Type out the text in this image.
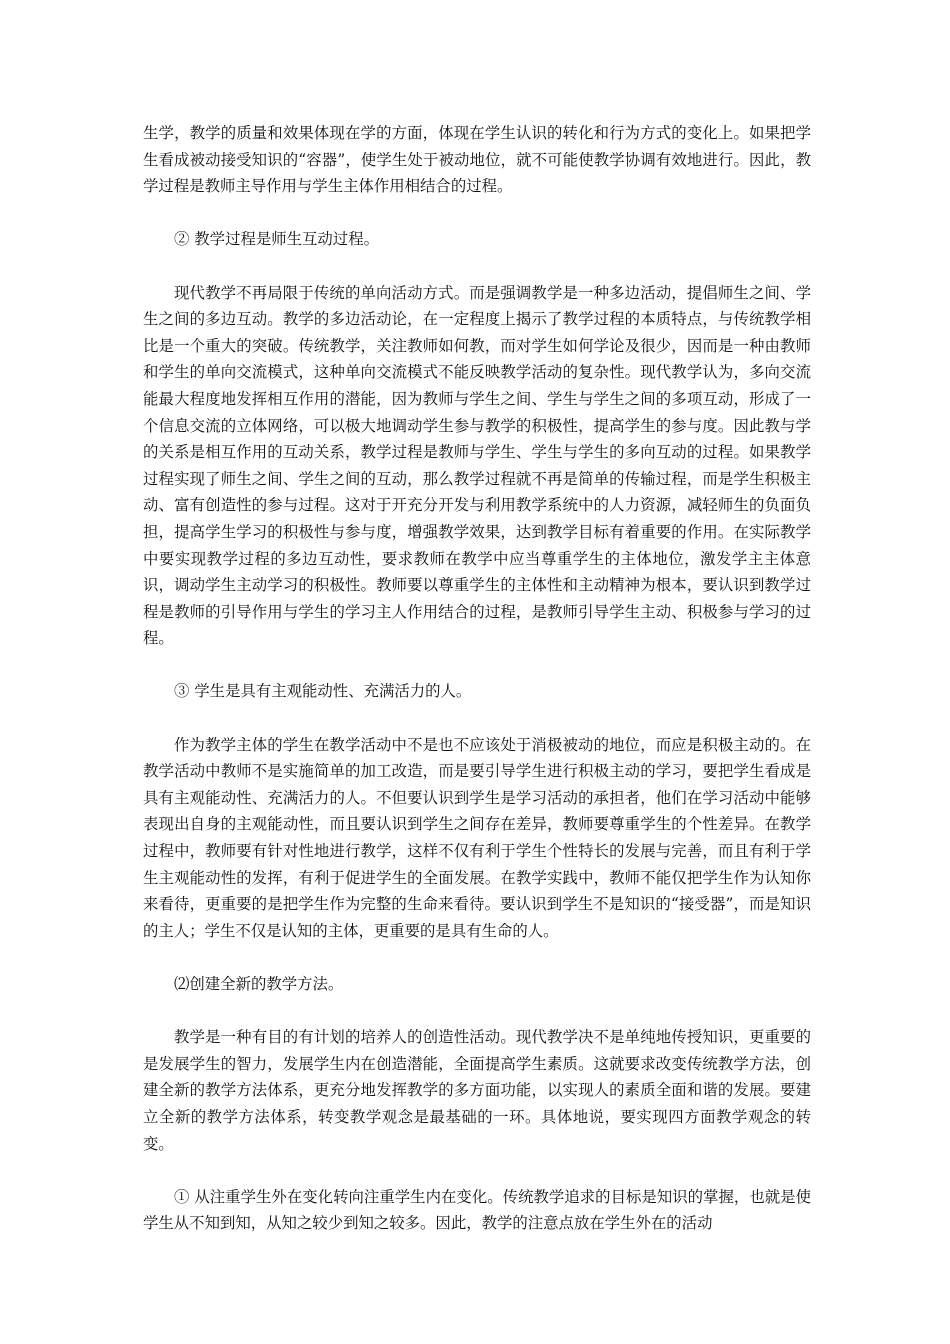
生学，教学的质量和效果体现在学的方面，体现在学生认识的转化和行为方式的变化上。如果把学生看成被动接受知识的“容器”，使学生处于被动地位，就不可能使教学协调有效地进行。因此，教学过程是教师主导作用与学生主体作用相结合的过程。

② 教学过程是师生互动过程。

现代教学不再局限于传统的单向活动方式。而是强调教学是一种多边活动，提倡师生之间、学生之间的多边互动。教学的多边活动论，在一定程度上揭示了教学过程的本质特点，与传统教学相比是一个重大的突破。传统教学，关注教师如何教，而对学生如何学论及很少，因而是一种由教师和学生的单向交流模式，这种单向交流模式不能反映教学活动的复杂性。现代教学认为，多向交流能最大程度地发挥相互作用的潜能，因为教师与学生之间、学生与学生之间的多项互动，形成了一个信息交流的立体网络，可以极大地调动学生参与教学的积极性，提高学生的参与度。因此教与学的关系是相互作用的互动关系，教学过程是教师与学生、学生与学生的多向互动的过程。如果教学过程实现了师生之间、学生之间的互动，那么教学过程就不再是简单的传输过程，而是学生积极主动、富有创造性的参与过程。这对于开充分开发与利用教学系统中的人力资源，减轻师生的负面负担，提高学生学习的积极性与参与度，增强教学效果，达到教学目标有着重要的作用。在实际教学中要实现教学过程的多边互动性，要求教师在教学中应当尊重学生的主体地位，激发学主主体意识，调动学生主动学习的积极性。教师要以尊重学生的主体性和主动精神为根本，要认识到教学过程是教师的引导作用与学生的学习主人作用结合的过程，是教师引导学生主动、积极参与学习的过程。

③ 学生是具有主观能动性、充满活力的人。

作为教学主体的学生在教学活动中不是也不应该处于消极被动的地位，而应是积极主动的。在教学活动中教师不是实施简单的加工改造，而是要引导学生进行积极主动的学习，要把学生看成是具有主观能动性、充满活力的人。不但要认识到学生是学习活动的承担者，他们在学习活动中能够表现出自身的主观能动性，而且要认识到学生之间存在差异，教师要尊重学生的个性差异。在教学过程中，教师要有针对性地进行教学，这样不仅有利于学生个性特长的发展与完善，而且有利于学生主观能动性的发挥，有利于促进学生的全面发展。在教学实践中，教师不能仅把学生作为认知你来看待，更重要的是把学生作为完整的生命来看待。要认识到学生不是知识的“接受器”，而是知识的主人；学生不仅是认知的主体，更重要的是具有生命的人。

⑵创建全新的教学方法。

教学是一种有目的有计划的培养人的创造性活动。现代教学决不是单纯地传授知识，更重要的是发展学生的智力，发展学生内在创造潜能，全面提高学生素质。这就要求改变传统教学方法，创建全新的教学方法体系，更充分地发挥教学的多方面功能，以实现人的素质全面和谐的发展。要建立全新的教学方法体系，转变教学观念是最基础的一环。具体地说，要实现四方面教学观念的转变。

① 从注重学生外在变化转向注重学生内在变化。传统教学追求的目标是知识的掌握，也就是使学生从不知到知，从知之较少到知之较多。因此，教学的注意点放在学生外在的活动
